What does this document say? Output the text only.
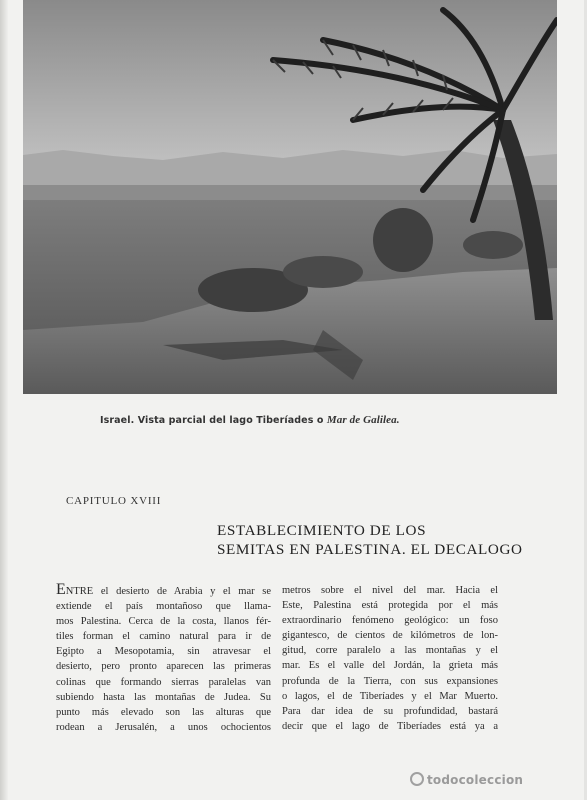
Israel. Vista parcial del lago Tiberíades o Mar de Galilea.
CAPITULO XVIII
ESTABLECIMIENTO DE LOS
SEMITAS EN PALESTINA. EL DECALOGO
ENTRE el desierto de Arabia y el mar se
extiende el país montañoso que llama-
mos Palestina. Cerca de la costa, llanos fér-
tiles forman el camino natural para ir de
Egipto a Mesopotamia, sin atravesar el
desierto, pero pronto aparecen las primeras
colinas que formando sierras paralelas van
subiendo hasta las montañas de Judea. Su
punto más elevado son las alturas que
rodean a Jerusalén, a unos ochocientos
metros sobre el nivel del mar. Hacia el
Este, Palestina está protegida por el más
extraordinario fenómeno geológico: un foso
gigantesco, de cientos de kilómetros de lon-
gitud, corre paralelo a las montañas y el
mar. Es el valle del Jordán, la grieta más
profunda de la Tierra, con sus expansiones
o lagos, el de Tiberíades y el Mar Muerto.
Para dar idea de su profundidad, bastará
decir que el lago de Tiberíades está ya a
todocoleccion
